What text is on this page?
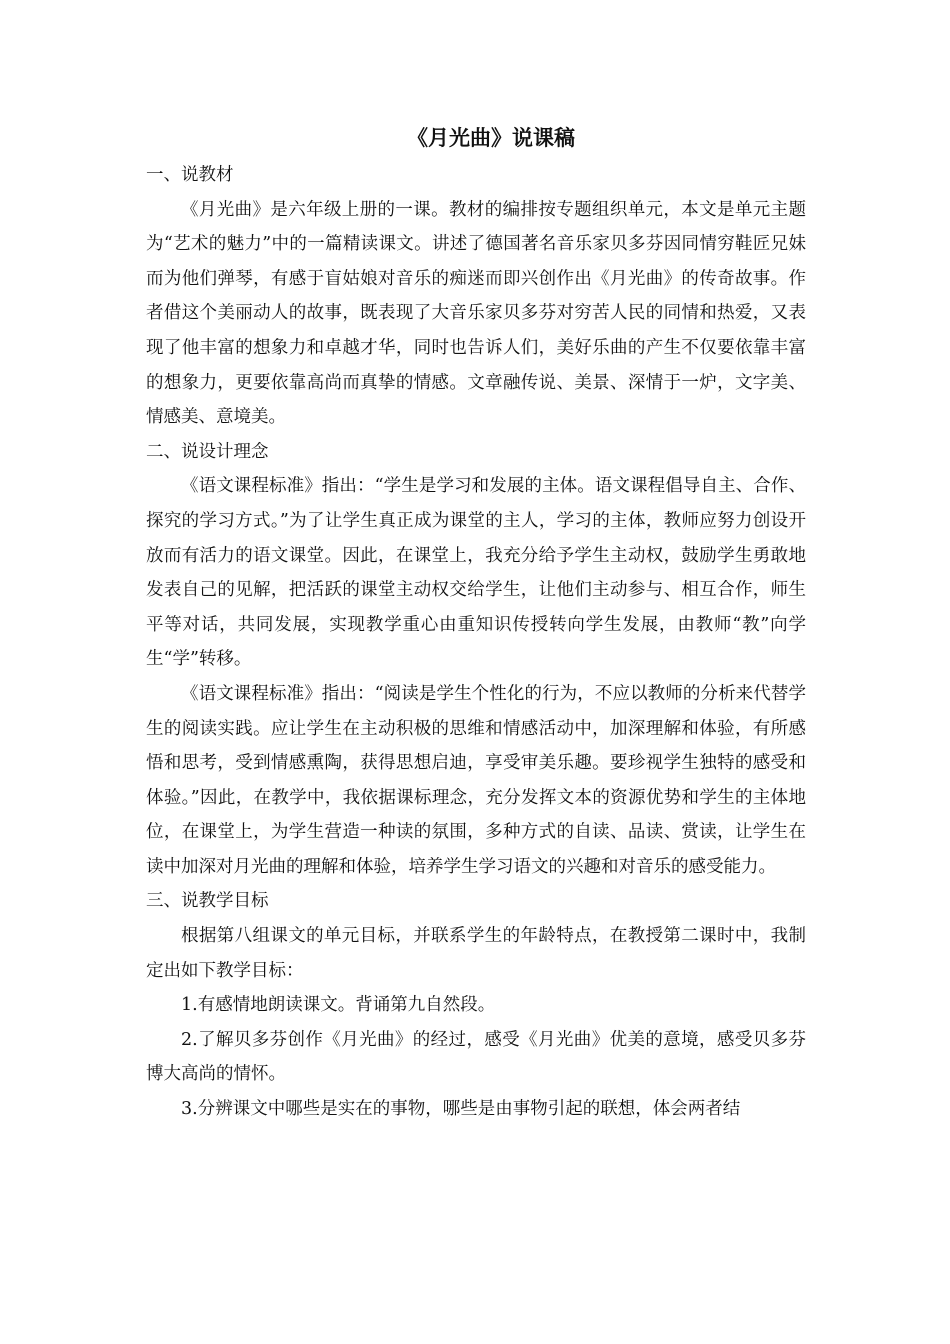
《月光曲》说课稿

一、说教材

《月光曲》是六年级上册的一课。教材的编排按专题组织单元，本文是单元主题为“艺术的魅力”中的一篇精读课文。讲述了德国著名音乐家贝多芬因同情穷鞋匠兄妹而为他们弹琴，有感于盲姑娘对音乐的痴迷而即兴创作出《月光曲》的传奇故事。作者借这个美丽动人的故事，既表现了大音乐家贝多芬对穷苦人民的同情和热爱，又表现了他丰富的想象力和卓越才华，同时也告诉人们，美好乐曲的产生不仅要依靠丰富的想象力，更要依靠高尚而真挚的情感。文章融传说、美景、深情于一炉，文字美、情感美、意境美。

二、说设计理念

《语文课程标准》指出：“学生是学习和发展的主体。语文课程倡导自主、合作、探究的学习方式。”为了让学生真正成为课堂的主人，学习的主体，教师应努力创设开放而有活力的语文课堂。因此，在课堂上，我充分给予学生主动权，鼓励学生勇敢地发表自己的见解，把活跃的课堂主动权交给学生，让他们主动参与、相互合作，师生平等对话，共同发展，实现教学重心由重知识传授转向学生发展，由教师“教”向学生“学”转移。

《语文课程标准》指出：“阅读是学生个性化的行为，不应以教师的分析来代替学生的阅读实践。应让学生在主动积极的思维和情感活动中，加深理解和体验，有所感悟和思考，受到情感熏陶，获得思想启迪，享受审美乐趣。要珍视学生独特的感受和体验。”因此，在教学中，我依据课标理念，充分发挥文本的资源优势和学生的主体地位，在课堂上，为学生营造一种读的氛围，多种方式的自读、品读、赏读，让学生在读中加深对月光曲的理解和体验，培养学生学习语文的兴趣和对音乐的感受能力。

三、说教学目标

根据第八组课文的单元目标，并联系学生的年龄特点，在教授第二课时中，我制定出如下教学目标：

1.有感情地朗读课文。背诵第九自然段。

2.了解贝多芬创作《月光曲》的经过，感受《月光曲》优美的意境，感受贝多芬博大高尚的情怀。

3.分辨课文中哪些是实在的事物，哪些是由事物引起的联想，体会两者结
